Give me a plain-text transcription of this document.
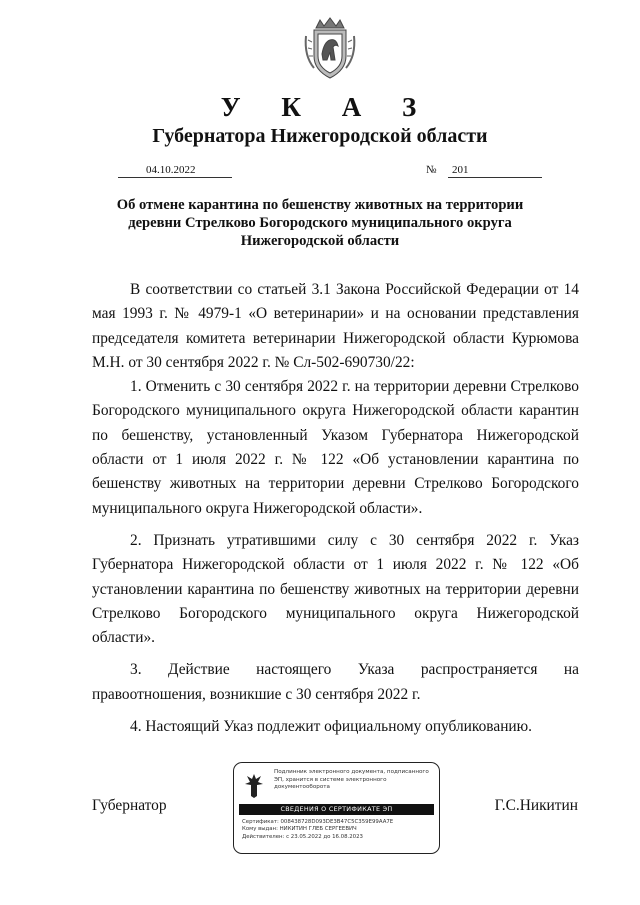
У К А З
Губернатора Нижегородской области
04.10.2022	№ 201
Об отмене карантина по бешенству животных на территории
деревни Стрелково Богородского муниципального округа
Нижегородской области

В соответствии со статьей 3.1 Закона Российской Федерации от 14 мая 1993 г. № 4979-1 «О ветеринарии» и на основании представления председателя комитета ветеринарии Нижегородской области Курюмова М.Н. от 30 сентября 2022 г. № Сл-502-690730/22:

1. Отменить с 30 сентября 2022 г. на территории деревни Стрелково Богородского муниципального округа Нижегородской области карантин по бешенству, установленный Указом Губернатора Нижегородской области от 1 июля 2022 г. № 122 «Об установлении карантина по бешенству животных на территории деревни Стрелково Богородского муниципального округа Нижегородской области».

2. Признать утратившими силу с 30 сентября 2022 г. Указ Губернатора Нижегородской области от 1 июля 2022 г. № 122 «Об установлении карантина по бешенству животных на территории деревни Стрелково Богородского муниципального округа Нижегородской области».

3. Действие настоящего Указа распространяется на правоотношения, возникшие с 30 сентября 2022 г.

4. Настоящий Указ подлежит официальному опубликованию.

Губернатор	Г.С.Никитин
Подлинник электронного документа, подписанного ЭП, хранится в системе электронного документооборота
СВЕДЕНИЯ О СЕРТИФИКАТЕ ЭП
Сертификат: 008438728D093DE3B47C5C359E99AA7E
Кому выдан: НИКИТИН ГЛЕБ СЕРГЕЕВИЧ
Действителен: с 23.05.2022 до 16.08.2023
